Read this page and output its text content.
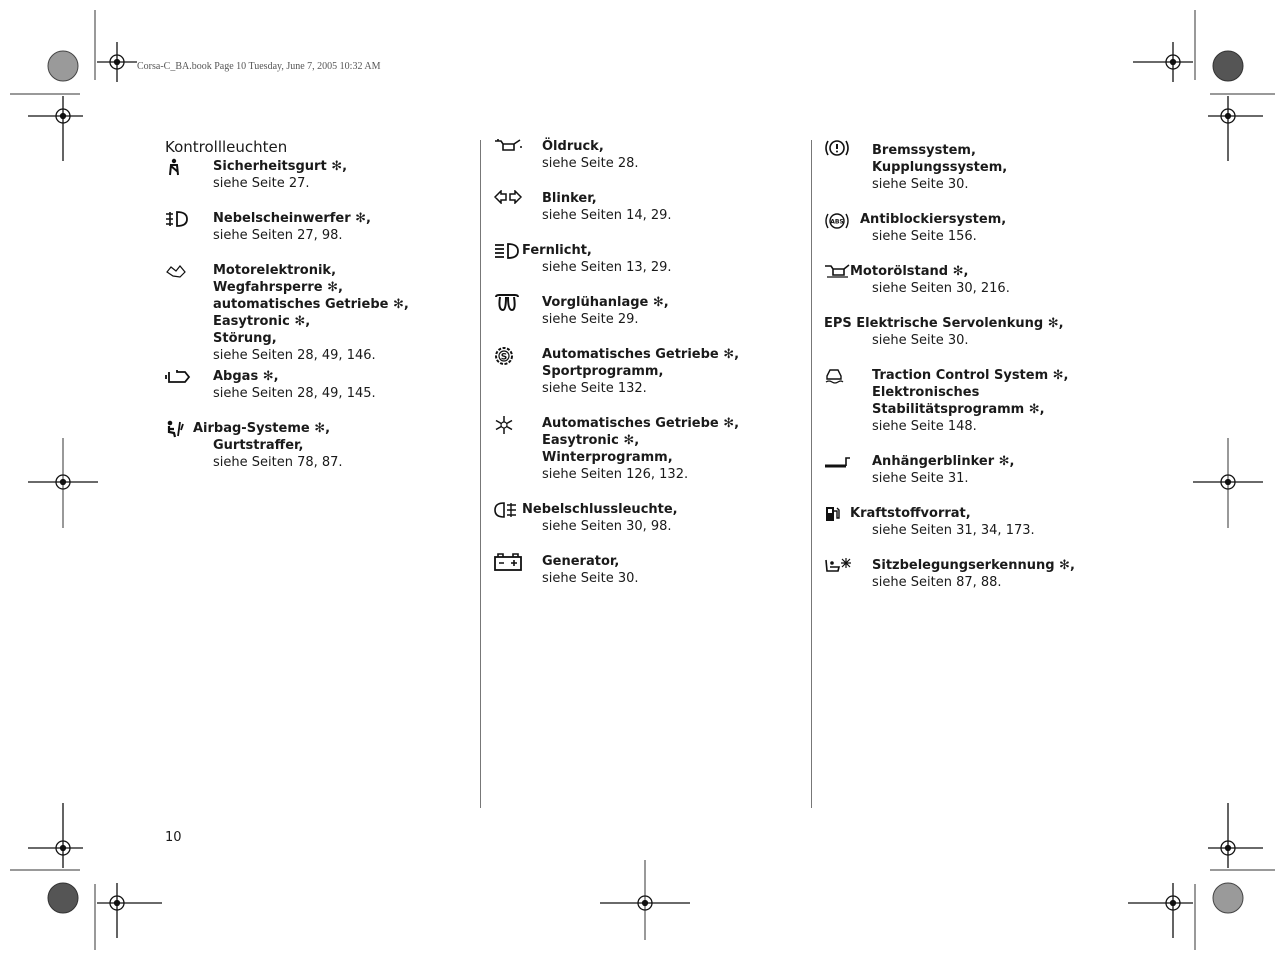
Corsa-C_BA.book Page 10 Tuesday, June 7, 2005 10:32 AM
Kontrollleuchten
Sicherheitsgurt ✻,
siehe Seite 27.
Nebelscheinwerfer ✻,
siehe Seiten 27, 98.
Motorelektronik,
Wegfahrsperre ✻,
automatisches Getriebe ✻,
Easytronic ✻,
Störung,
siehe Seiten 28, 49, 146.
Abgas ✻,
siehe Seiten 28, 49, 145.
Airbag-Systeme ✻,
Gurtstraffer,
siehe Seiten 78, 87.
Öldruck,
siehe Seite 28.
Blinker,
siehe Seiten 14, 29.
Fernlicht,
siehe Seiten 13, 29.
Vorglühanlage ✻,
siehe Seite 29.
S	Automatisches Getriebe ✻,
Sportprogramm,
siehe Seite 132.
Automatisches Getriebe ✻,
Easytronic ✻,
Winterprogramm,
siehe Seiten 126, 132.
Nebelschlussleuchte,
siehe Seiten 30, 98.
Generator,
siehe Seite 30.
Bremssystem,
Kupplungssystem,
siehe Seite 30.
ABS Antiblockiersystem,
siehe Seite 156.
Motorölstand ✻,
siehe Seiten 30, 216.
EPS Elektrische Servolenkung ✻,
siehe Seite 30.
Traction Control System ✻,
Elektronisches
Stabilitätsprogramm ✻,
siehe Seite 148.
Anhängerblinker ✻,
siehe Seite 31.
Kraftstoffvorrat,
siehe Seiten 31, 34, 173.
Sitzbelegungserkennung ✻,
siehe Seiten 87, 88.
10
